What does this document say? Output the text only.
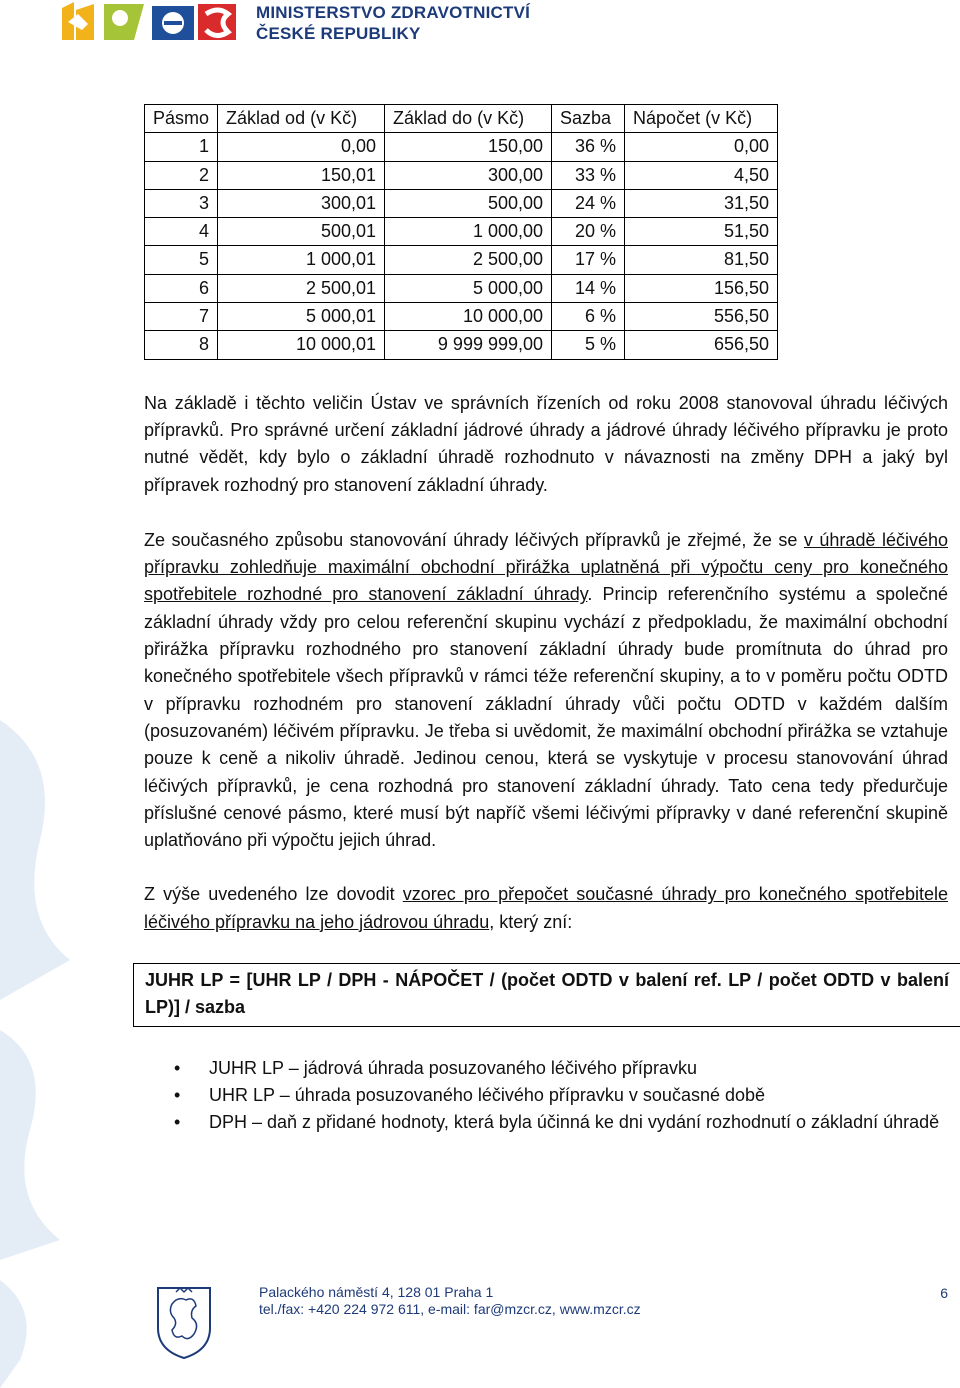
MINISTERSTVO ZDRAVOTNICTVÍ
ČESKÉ REPUBLIKY
Pásmo	Základ od (v Kč)	Základ do (v Kč)	Sazba	Nápočet (v Kč)
1	0,00	150,00	36 %	0,00
2	150,01	300,00	33 %	4,50
3	300,01	500,00	24 %	31,50
4	500,01	1 000,00	20 %	51,50
5	1 000,01	2 500,00	17 %	81,50
6	2 500,01	5 000,00	14 %	156,50
7	5 000,01	10 000,00	6 %	556,50
8	10 000,01	9 999 999,00	5 %	656,50

Na základě i těchto veličin Ústav ve správních řízeních od roku 2008 stanovoval úhradu léčivých přípravků. Pro správné určení základní jádrové úhrady a jádrové úhrady léčivého přípravku je proto nutné vědět, kdy bylo o základní úhradě rozhodnuto v návaznosti na změny DPH a jaký byl přípravek rozhodný pro stanovení základní úhrady.

Ze současného způsobu stanovování úhrady léčivých přípravků je zřejmé, že se v úhradě léčivého přípravku zohledňuje maximální obchodní přirážka uplatněná při výpočtu ceny pro konečného spotřebitele rozhodné pro stanovení základní úhrady. Princip referenčního systému a společné základní úhrady vždy pro celou referenční skupinu vychází z předpokladu, že maximální obchodní přirážka přípravku rozhodného pro stanovení základní úhrady bude promítnuta do úhrad pro konečného spotřebitele všech přípravků v rámci téže referenční skupiny, a to v poměru počtu ODTD v přípravku rozhodném pro stanovení základní úhrady vůči počtu ODTD v každém dalším (posuzovaném) léčivém přípravku. Je třeba si uvědomit, že maximální obchodní přirážka se vztahuje pouze k ceně a nikoliv úhradě. Jedinou cenou, která se vyskytuje v procesu stanovování úhrad léčivých přípravků, je cena rozhodná pro stanovení základní úhrady. Tato cena tedy předurčuje příslušné cenové pásmo, které musí být napříč všemi léčivými přípravky v dané referenční skupině uplatňováno při výpočtu jejich úhrad.

Z výše uvedeného lze dovodit vzorec pro přepočet současné úhrady pro konečného spotřebitele léčivého přípravku na jeho jádrovou úhradu, který zní:

JUHR LP = [UHR LP / DPH - NÁPOČET / (počet ODTD v balení ref. LP / počet ODTD v balení LP)] / sazba
• JUHR LP – jádrová úhrada posuzovaného léčivého přípravku
• UHR LP – úhrada posuzovaného léčivého přípravku v současné době
• DPH – daň z přidané hodnoty, která byla účinná ke dni vydání rozhodnutí o základní úhradě
Palackého náměstí 4, 128 01 Praha 1
tel./fax: +420 224 972 611, e-mail: far@mzcr.cz, www.mzcr.cz
6
